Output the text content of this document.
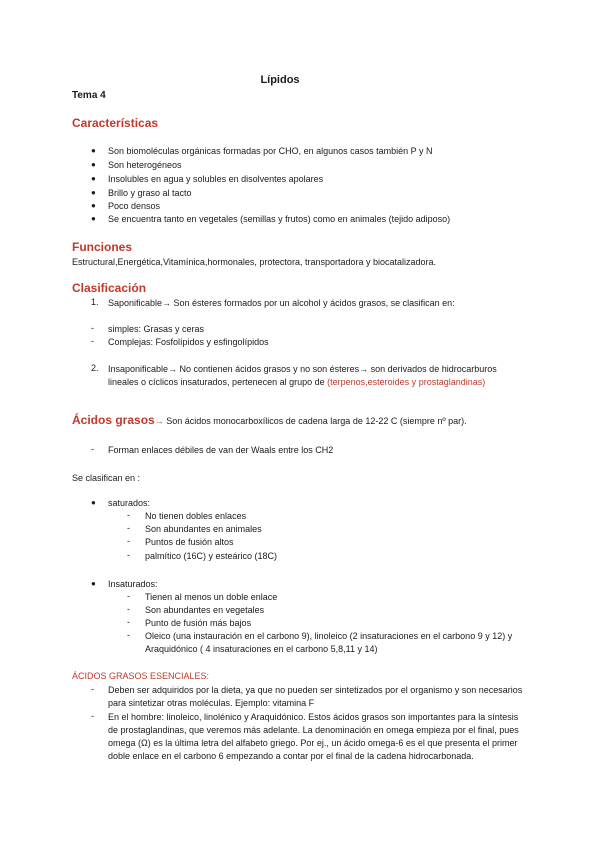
Lípidos
Tema 4
Características
● Son biomoléculas orgánicas formadas por CHO, en algunos casos también P y N
● Son heterogéneos
● Insolubles en agua y solubles en disolventes apolares
● Brillo y graso al tacto
● Poco densos
● Se encuentra tanto en vegetales (semillas y frutos) como en animales (tejido adiposo)
Funciones
Estructural,Energética,Vitamínica,hormonales, protectora, transportadora y biocatalizadora.
Clasificación
1. Saponificable→ Son ésteres formados por un alcohol y ácidos grasos, se clasifican en:
- simples: Grasas y ceras
- Complejas: Fosfolípidos y esfingolípidos
2. Insaponificable→ No contienen ácidos grasos y no son ésteres→ son derivados de hidrocarburos lineales o cíclicos insaturados, pertenecen al grupo de (terpenos,esteroides y prostaglandinas)
Ácidos grasos→ Son ácidos monocarboxílicos de cadena larga de 12-22 C (siempre nº par).
- Forman enlaces débiles de van der Waals entre los CH2
Se clasifican en :
● saturados:
- No tienen dobles enlaces
- Son abundantes en animales
- Puntos de fusión altos
- palmítico (16C) y esteárico (18C)
● Insaturados:
- Tienen al menos un doble enlace
- Son abundantes en vegetales
- Punto de fusión más bajos
- Oleico (una instauración en el carbono 9), linoleico (2 insaturaciones en el carbono 9 y 12) y Araquidónico ( 4 insaturaciones en el carbono 5,8,11 y 14)
ÁCIDOS GRASOS ESENCIALES:
- Deben ser adquiridos por la dieta, ya que no pueden ser sintetizados por el organismo y son necesarios para sintetizar otras moléculas. Ejemplo: vitamina F
- En el hombre: linoleico, linolénico y Araquidónico. Estos ácidos grasos son importantes para la síntesis de prostaglandinas, que veremos más adelante. La denominación en omega empieza por el final, pues omega (Ω) es la última letra del alfabeto griego. Por ej., un ácido omega-6 es el que presenta el primer doble enlace en el carbono 6 empezando a contar por el final de la cadena hidrocarbonada.
